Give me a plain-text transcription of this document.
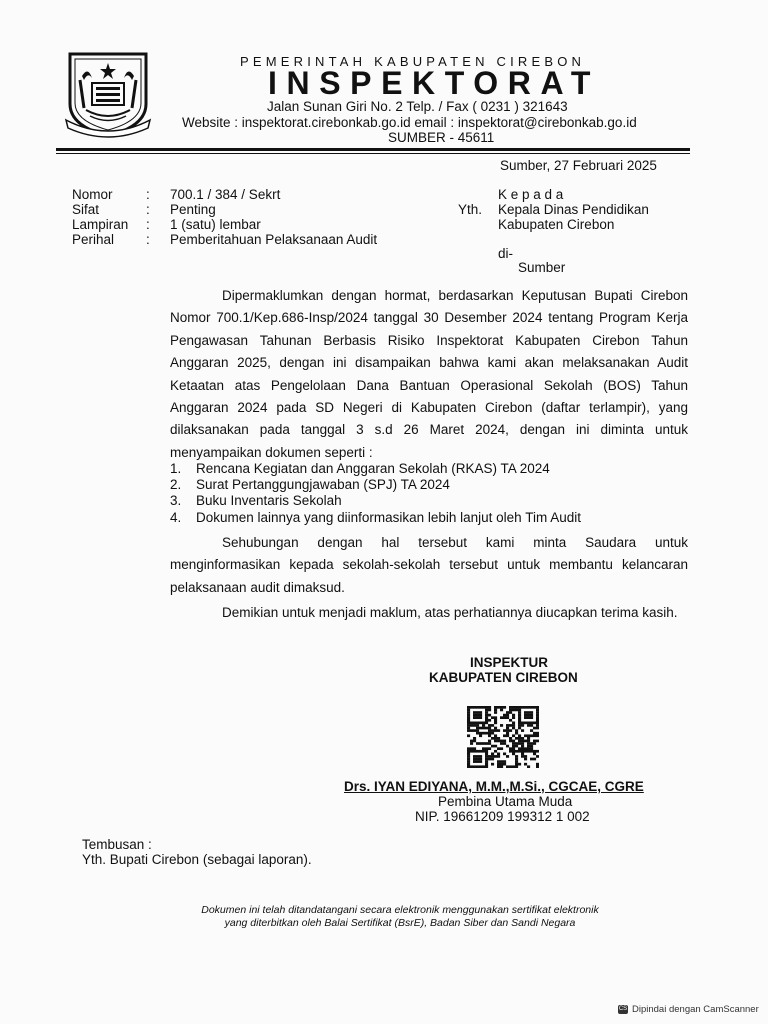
PEMERINTAH KABUPATEN CIREBON
INSPEKTORAT
Jalan Sunan Giri No. 2 Telp. / Fax ( 0231 ) 321643
Website : inspektorat.cirebonkab.go.id email : inspektorat@cirebonkab.go.id
SUMBER - 45611
Sumber, 27 Februari 2025
Nomor : 700.1 / 384 / Sekrt
Sifat	: Penting
Lampiran : 1 (satu) lembar
Perihal : Pemberitahuan Pelaksanaan Audit
K e p a d a
Yth. Kepala Dinas Pendidikan
Kabupaten Cirebon
di-
Sumber

Dipermaklumkan dengan hormat, berdasarkan Keputusan Bupati Cirebon Nomor 700.1/Kep.686-Insp/2024 tanggal 30 Desember 2024 tentang Program Kerja Pengawasan Tahunan Berbasis Risiko Inspektorat Kabupaten Cirebon Tahun Anggaran 2025, dengan ini disampaikan bahwa kami akan melaksanakan Audit Ketaatan atas Pengelolaan Dana Bantuan Operasional Sekolah (BOS) Tahun Anggaran 2024 pada SD Negeri di Kabupaten Cirebon (daftar terlampir), yang dilaksanakan pada tanggal 3 s.d 26 Maret 2024, dengan ini diminta untuk menyampaikan dokumen seperti :

1. Rencana Kegiatan dan Anggaran Sekolah (RKAS) TA 2024
2. Surat Pertanggungjawaban (SPJ) TA 2024
3. Buku Inventaris Sekolah
4. Dokumen lainnya yang diinformasikan lebih lanjut oleh Tim Audit

Sehubungan dengan hal tersebut kami minta Saudara untuk menginformasikan kepada sekolah-sekolah tersebut untuk membantu kelancaran pelaksanaan audit dimaksud.

Demikian untuk menjadi maklum, atas perhatiannya diucapkan terima kasih.

INSPEKTUR
KABUPATEN CIREBON
Drs. IYAN EDIYANA, M.M.,M.Si., CGCAE, CGRE
Pembina Utama Muda
NIP. 19661209 199312 1 002
Tembusan :
Yth. Bupati Cirebon (sebagai laporan).
Dokumen ini telah ditandatangani secara elektronik menggunakan sertifikat elektronik
yang diterbitkan oleh Balai Sertifikat (BsrE), Badan Siber dan Sandi Negara
CS Dipindai dengan CamScanner
